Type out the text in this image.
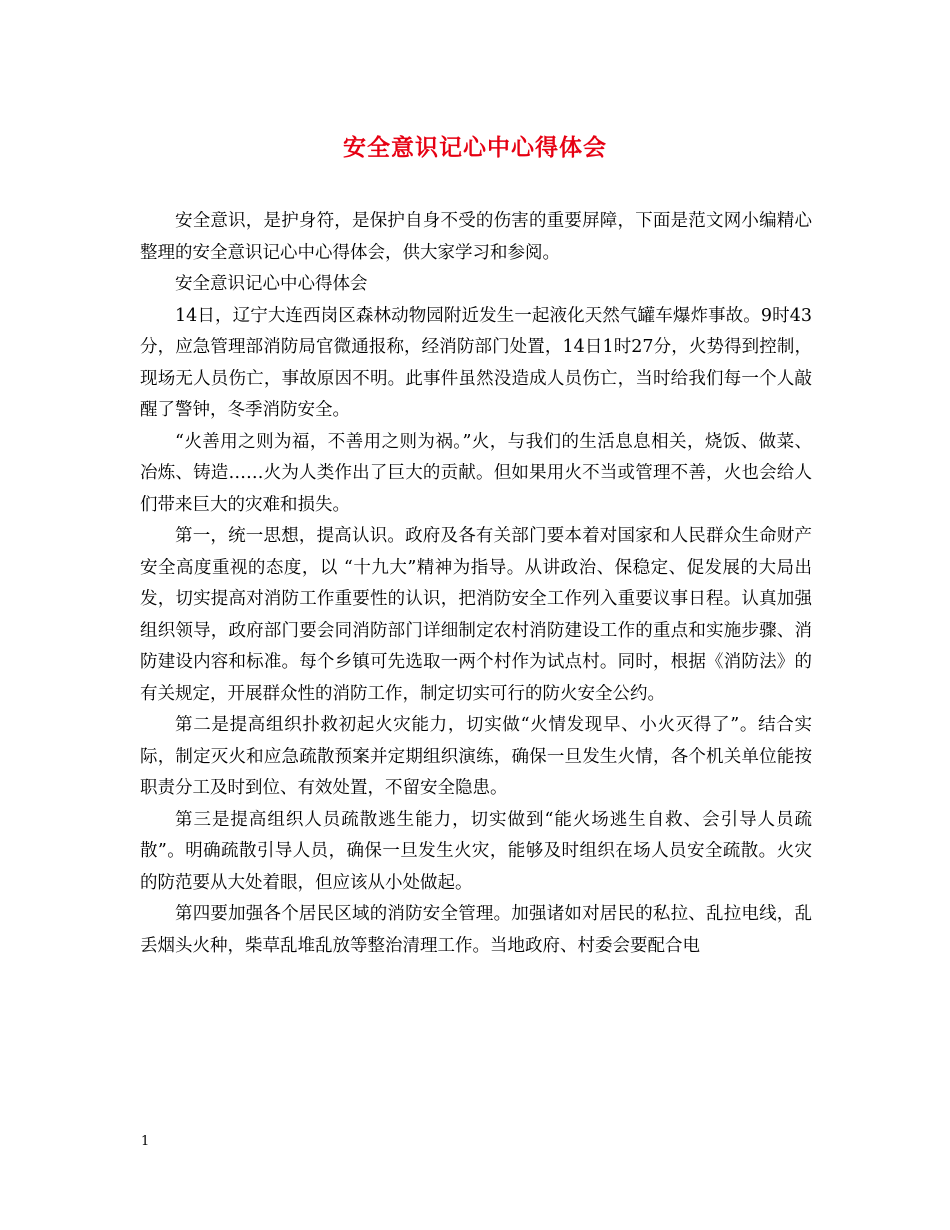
安全意识记心中心得体会

安全意识，是护身符，是保护自身不受的伤害的重要屏障，下面是范文网小编精心整理的安全意识记心中心得体会，供大家学习和参阅。

安全意识记心中心得体会

14日，辽宁大连西岗区森林动物园附近发生一起液化天然气罐车爆炸事故。9时43分，应急管理部消防局官微通报称，经消防部门处置，14日1时27分，火势得到控制，现场无人员伤亡，事故原因不明。此事件虽然没造成人员伤亡，当时给我们每一个人敲醒了警钟，冬季消防安全。

“火善用之则为福，不善用之则为祸。”火，与我们的生活息息相关，烧饭、做菜、冶炼、铸造……火为人类作出了巨大的贡献。但如果用火不当或管理不善，火也会给人们带来巨大的灾难和损失。

第一，统一思想，提高认识。政府及各有关部门要本着对国家和人民群众生命财产安全高度重视的态度，以 “十九大”精神为指导。从讲政治、保稳定、促发展的大局出发，切实提高对消防工作重要性的认识，把消防安全工作列入重要议事日程。认真加强组织领导，政府部门要会同消防部门详细制定农村消防建设工作的重点和实施步骤、消防建设内容和标准。每个乡镇可先选取一两个村作为试点村。同时，根据《消防法》的有关规定，开展群众性的消防工作，制定切实可行的防火安全公约。

第二是提高组织扑救初起火灾能力，切实做“火情发现早、小火灭得了”。结合实际，制定灭火和应急疏散预案并定期组织演练，确保一旦发生火情，各个机关单位能按职责分工及时到位、有效处置，不留安全隐患。

第三是提高组织人员疏散逃生能力，切实做到“能火场逃生自救、会引导人员疏散”。明确疏散引导人员，确保一旦发生火灾，能够及时组织在场人员安全疏散。火灾的防范要从大处着眼，但应该从小处做起。

第四要加强各个居民区域的消防安全管理。加强诸如对居民的私拉、乱拉电线，乱丢烟头火种，柴草乱堆乱放等整治清理工作。当地政府、村委会要配合电

1
